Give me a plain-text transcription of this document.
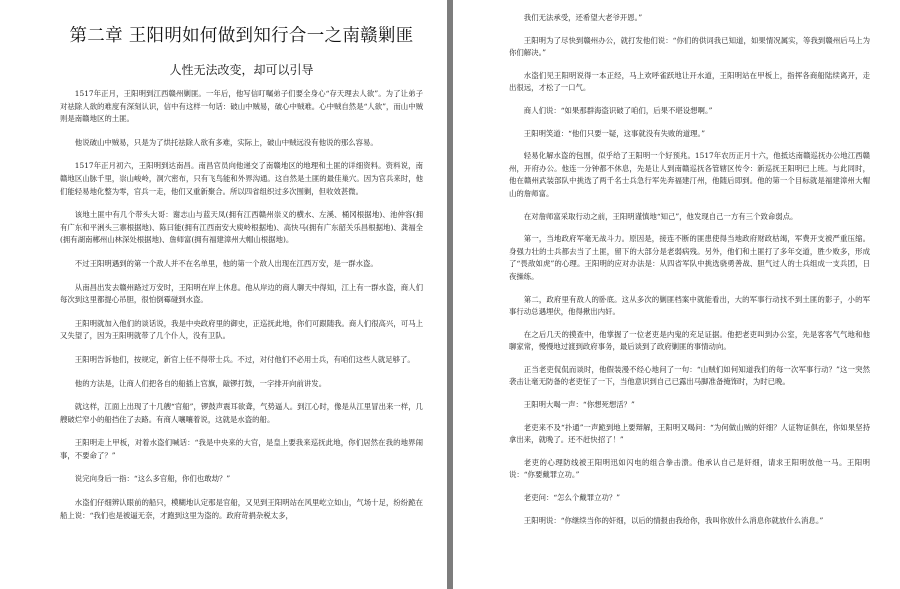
第二章 王阳明如何做到知行合一之南赣剿匪
人性无法改变，却可以引导
1517年正月，王阳明到江西赣州剿匪。一年后，他写信叮嘱弟子们要全身心“存天理去人欲”。为了让弟子对祛除人欲的难度有深刻认识，信中有这样一句话：破山中贼易，破心中贼难。心中贼自然是“人欲”，而山中贼则是南赣地区的土匪。
他说破山中贼易，只是为了烘托祛除人欲有多难，实际上，破山中贼远没有他说的那么容易。
1517年正月初六，王阳明到达南昌。南昌官员向他递交了南赣地区的地理和土匪的详细资料。资料说，南赣地区山脉千里，崇山峻岭，洞穴密布，只有飞鸟能和外界沟通。这自然是土匪的最佳巢穴。因为官兵来时，他们能轻易地化整为零，官兵一走，他们又重新聚合。所以四省组织过多次围剿，但收效甚微。
该地土匪中有几个带头大哥：谢志山与蓝天凤(拥有江西赣州崇义的横水、左溪、桶冈根据地)、池仲容(拥有广东和平浰头三寨根据地)、陈曰能(拥有江西南安大庾岭根据地)、高快马(拥有广东韶关乐昌根据地)、龚福全(拥有湖南郴州山林深处根据地)、詹师富(拥有福建漳州大帽山根据地)。
不过王阳明遇到的第一个敌人并不在名单里，他的第一个敌人出现在江西万安，是一群水盗。
从南昌出发去赣州路过万安时，王阳明在岸上休息。他从岸边的商人聊天中得知，江上有一群水盗，商人们每次到这里都提心吊胆，很怕倒霉碰到水盗。
王阳明就加入他们的谈话说，我是中央政府里的御史，正巡抚此地，你们可跟随我。商人们很高兴，可马上又失望了，因为王阳明就带了几个仆人，没有卫队。
王阳明告诉他们，按规定，新官上任不得带士兵。不过，对付他们不必用士兵，有咱们这些人就足够了。
他的方法是，让商人们把各自的船插上官旗，敲锣打鼓，一字排开向前讲发。
就这样，江面上出现了十几艘“官船”，锣鼓声震耳欲聋，气势逼人。到江心时，像是从江里冒出来一样，几艘破烂窄小的船挡住了去路。有商人嚷嚷着说，这就是水盗的船。
王阳明走上甲板，对着水盗们喊话：“我是中央来的大官，是皇上要我来巡抚此地，你们居然在我的地界闹事，不要命了？”
说完向身后一指：“这么多官船，你们也敢劫？”
水盗们仔细辨认眼前的船只，模糊地认定那是官船，又见到王阳明站在风里屹立如山，气场十足，纷纷跪在船上说：“我们也是被逼无奈，才跑到这里为盗的。政府苛捐杂税太多，
我们无法承受，还希望大老爷开恩。”
王阳明为了尽快到赣州办公，就打发他们说：“你们的供词我已知道，如果情况属实，等我到赣州后马上为你们解决。”
水盗们见王阳明说得一本正经，马上欢呼雀跃地让开水道，王阳明站在甲板上，指挥各商船陆续离开，走出很远，才松了一口气。
商人们说：“如果那群海盗识破了咱们，后果不堪设想啊。”
王阳明笑道：“他们只要一疑，这事就没有失败的道理。”
轻易化解水盗的包围，似乎给了王阳明一个好预兆。1517年农历正月十六，他抵达南赣巡抚办公地江西赣州，开府办公。他连一分钟都不休息，先是让人到南赣巡抚各管辖区传令：新巡抚王阳明已上班。与此同时，他在赣州武装部队中挑选了两千名士兵急行军先奔福建汀州，他随后即到。他的第一个目标就是福建漳州大帽山的詹师富。
在对詹师富采取行动之前，王阳明谨慎地“知己”，他发现自己一方有三个致命弱点。
第一，当地政府军毫无战斗力。原因是，接连不断的匪患使得当地政府财政枯竭，军费开支被严重压缩。身强力壮的士兵都去当了土匪，留下的大部分是老弱病残。另外，他们和土匪打了多年交道，胜少败多，形成了“畏敌如虎”的心理。王阳明的应对办法是：从四省军队中挑选骁勇善战、胆气过人的士兵组成一支兵团，日夜操练。
第二，政府里有敌人的卧底。这从多次的剿匪档案中就能看出，大的军事行动找不到土匪的影子，小的军事行动总遇埋伏，他得揪出内奸。
在之后几天的摸查中，他掌握了一位老吏是内鬼的充足证据。他把老吏叫到办公室，先是客客气气地和他聊家常，慢慢地过渡到政府事务，最后谈到了政府剿匪的事情动向。
正当老吏侃侃而谈时，他假装漫不经心地问了一句：“山贼们如何知道我们的每一次军事行动？”这一突然袭击让毫无防备的老吏怔了一下，当他意识到自己已露出马脚准备掩饰时，为时已晚。
王阳明大喝一声：“你想死想活？”
老吏来不及“扑通”一声跪到地上要辩解，王阳明又喝问：“为何做山贼的奸细？人证物证俱在，你如果坚持拿出来，就晚了。还不赶快招了！”
老吏的心理防线被王阳明迅如闪电的组合拳击溃。他承认自己是奸细，请求王阳明放他一马。王阳明说：“你要戴罪立功。”
老吏问：“怎么个戴罪立功？”
王阳明说：“你继续当你的奸细，以后的情报由我给你，我叫你放什么消息你就放什么消息。”
